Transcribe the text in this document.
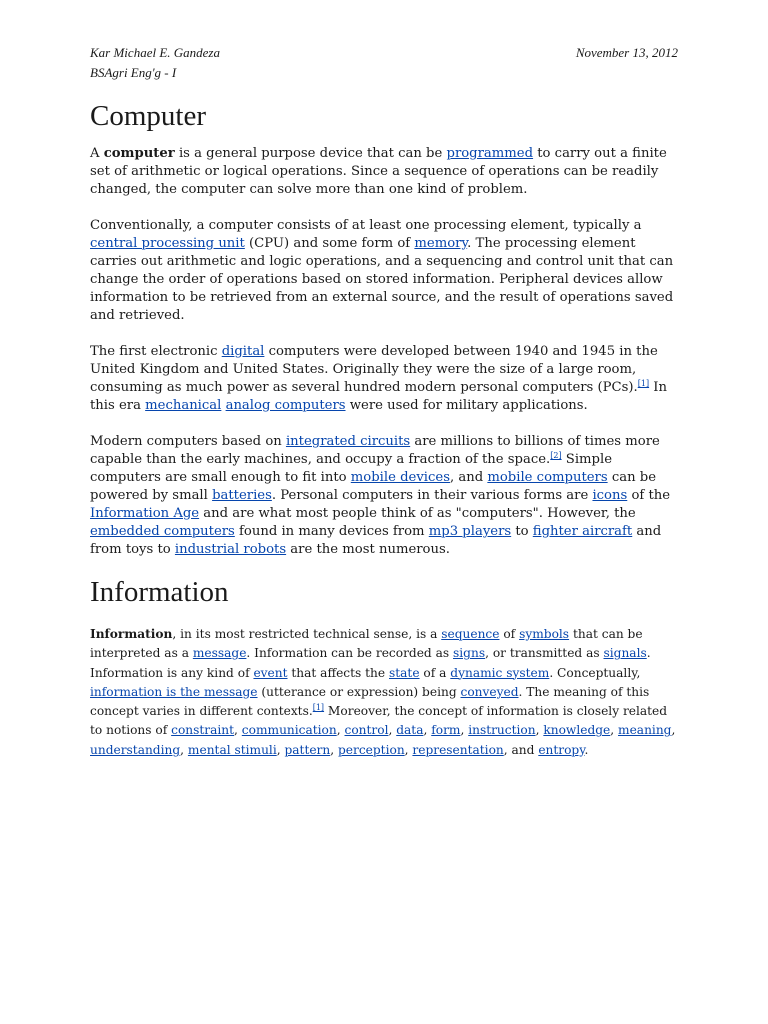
Kar Michael E. Gandeza
BSAgri Eng'g - I
November 13, 2012
Computer

A computer is a general purpose device that can be programmed to carry out a finite set of arithmetic or logical operations. Since a sequence of operations can be readily changed, the computer can solve more than one kind of problem.

Conventionally, a computer consists of at least one processing element, typically a central processing unit (CPU) and some form of memory. The processing element carries out arithmetic and logic operations, and a sequencing and control unit that can change the order of operations based on stored information. Peripheral devices allow information to be retrieved from an external source, and the result of operations saved and retrieved.

The first electronic digital computers were developed between 1940 and 1945 in the United Kingdom and United States. Originally they were the size of a large room, consuming as much power as several hundred modern personal computers (PCs).[1] In this era mechanical analog computers were used for military applications.

Modern computers based on integrated circuits are millions to billions of times more capable than the early machines, and occupy a fraction of the space.[2] Simple computers are small enough to fit into mobile devices, and mobile computers can be powered by small batteries. Personal computers in their various forms are icons of the Information Age and are what most people think of as "computers". However, the embedded computers found in many devices from mp3 players to fighter aircraft and from toys to industrial robots are the most numerous.

Information

Information, in its most restricted technical sense, is a sequence of symbols that can be interpreted as a message. Information can be recorded as signs, or transmitted as signals. Information is any kind of event that affects the state of a dynamic system. Conceptually, information is the message (utterance or expression) being conveyed. The meaning of this concept varies in different contexts.[1] Moreover, the concept of information is closely related to notions of constraint, communication, control, data, form, instruction, knowledge, meaning, understanding, mental stimuli, pattern, perception, representation, and entropy.
